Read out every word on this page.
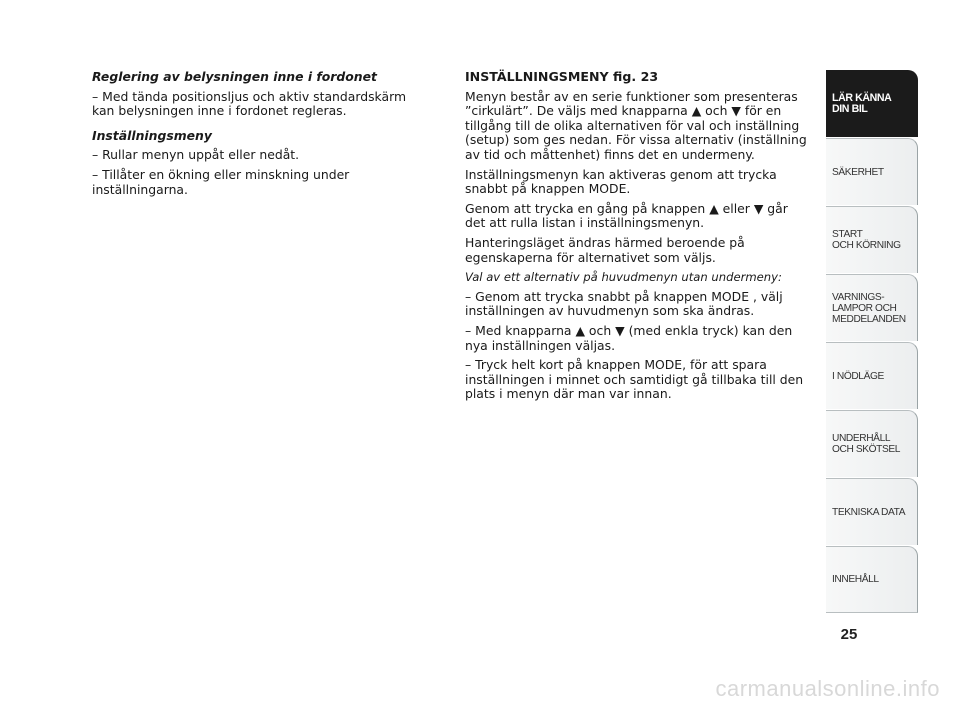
Reglering av belysningen inne i fordonet

– Med tända positionsljus och aktiv standardskärm kan belysningen inne i fordonet regleras.

Inställningsmeny

– Rullar menyn uppåt eller nedåt.

– Tillåter en ökning eller minskning under inställningarna.

INSTÄLLNINGSMENY fig. 23

Menyn består av en serie funktioner som presenteras ”cirkulärt”. De väljs med knapparna ▲ och ▼ för en tillgång till de olika alternativen för val och inställning (setup) som ges nedan. För vissa alternativ (inställning av tid och måttenhet) finns det en undermeny.

Inställningsmenyn kan aktiveras genom att trycka snabbt på knappen MODE.

Genom att trycka en gång på knappen ▲ eller ▼ går det att rulla listan i inställningsmenyn.

Hanteringsläget ändras härmed beroende på egenskaperna för alternativet som väljs.

Val av ett alternativ på huvudmenyn utan undermeny:

– Genom att trycka snabbt på knappen MODE , välj inställningen av huvudmenyn som ska ändras.

– Med knapparna ▲ och ▼ (med enkla tryck) kan den nya inställningen väljas.

– Tryck helt kort på knappen MODE, för att spara inställningen i minnet och samtidigt gå tillbaka till den plats i menyn där man var innan.

LÄR KÄNNA
DIN BIL
SÄKERHET
START
OCH KÖRNING
VARNINGS-
LAMPOR OCH
MEDDELANDEN
I NÖDLÄGE
UNDERHÅLL
OCH SKÖTSEL
TEKNISKA DATA
INNEHÅLL
25
carmanualsonline.info
